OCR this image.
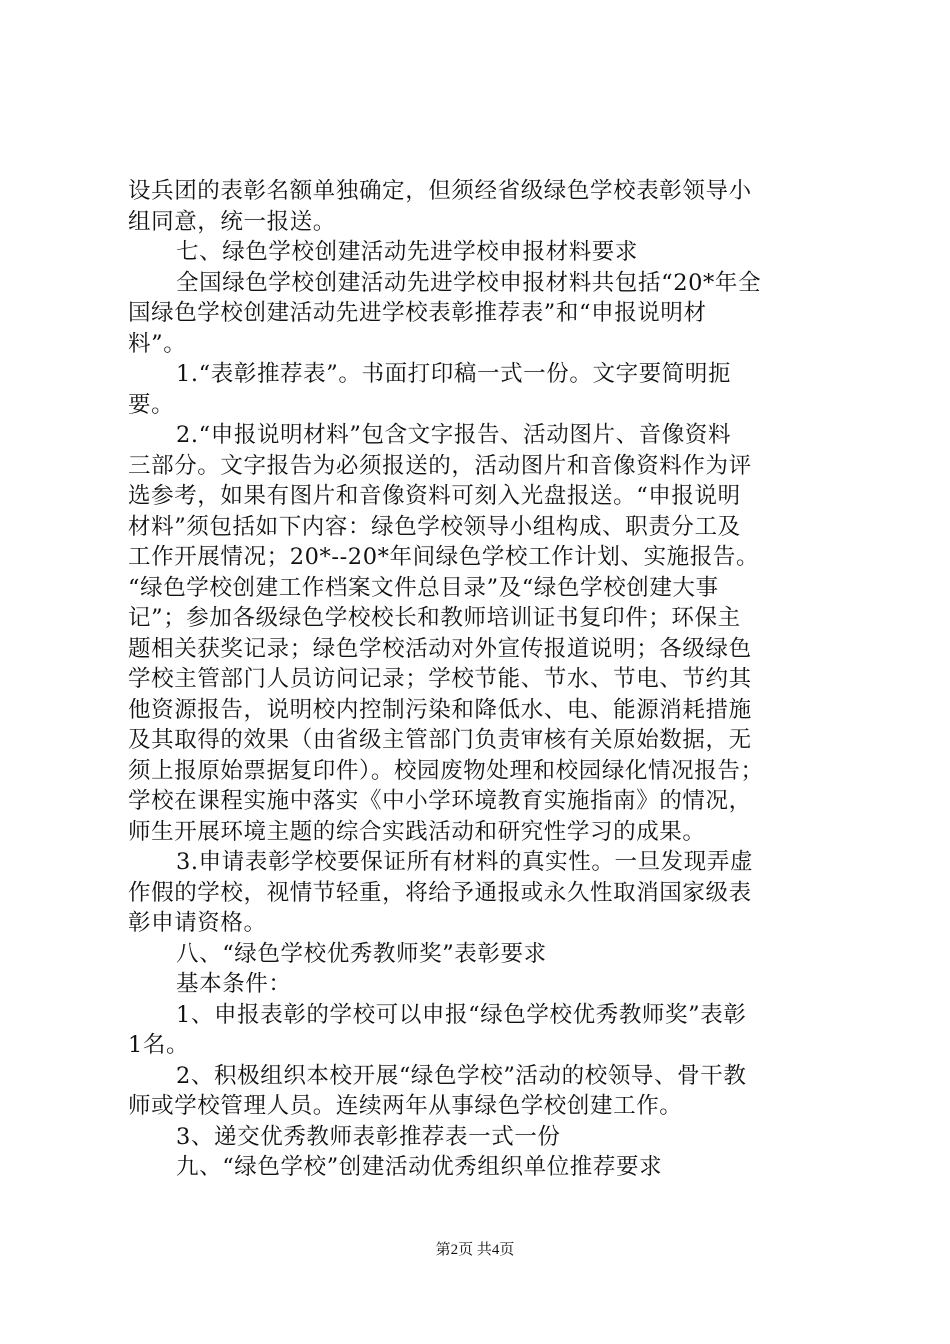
设兵团的表彰名额单独确定，但须经省级绿色学校表彰领导小
组同意，统一报送。
七、绿色学校创建活动先进学校申报材料要求
全国绿色学校创建活动先进学校申报材料共包括“20*年全
国绿色学校创建活动先进学校表彰推荐表”和“申报说明材
料”。
1.“表彰推荐表”。书面打印稿一式一份。文字要简明扼
要。
2.“申报说明材料”包含文字报告、活动图片、音像资料
三部分。文字报告为必须报送的，活动图片和音像资料作为评
选参考，如果有图片和音像资料可刻入光盘报送。“申报说明
材料”须包括如下内容：绿色学校领导小组构成、职责分工及
工作开展情况；20*--20*年间绿色学校工作计划、实施报告。
“绿色学校创建工作档案文件总目录”及“绿色学校创建大事
记”；参加各级绿色学校校长和教师培训证书复印件；环保主
题相关获奖记录；绿色学校活动对外宣传报道说明；各级绿色
学校主管部门人员访问记录；学校节能、节水、节电、节约其
他资源报告，说明校内控制污染和降低水、电、能源消耗措施
及其取得的效果（由省级主管部门负责审核有关原始数据，无
须上报原始票据复印件）。校园废物处理和校园绿化情况报告；
学校在课程实施中落实《中小学环境教育实施指南》的情况，
师生开展环境主题的综合实践活动和研究性学习的成果。
3.申请表彰学校要保证所有材料的真实性。一旦发现弄虚
作假的学校，视情节轻重，将给予通报或永久性取消国家级表
彰申请资格。
八、“绿色学校优秀教师奖”表彰要求
基本条件：
1、申报表彰的学校可以申报“绿色学校优秀教师奖”表彰
1名。
2、积极组织本校开展“绿色学校”活动的校领导、骨干教
师或学校管理人员。连续两年从事绿色学校创建工作。
3、递交优秀教师表彰推荐表一式一份
九、“绿色学校”创建活动优秀组织单位推荐要求
第2页 共4页
